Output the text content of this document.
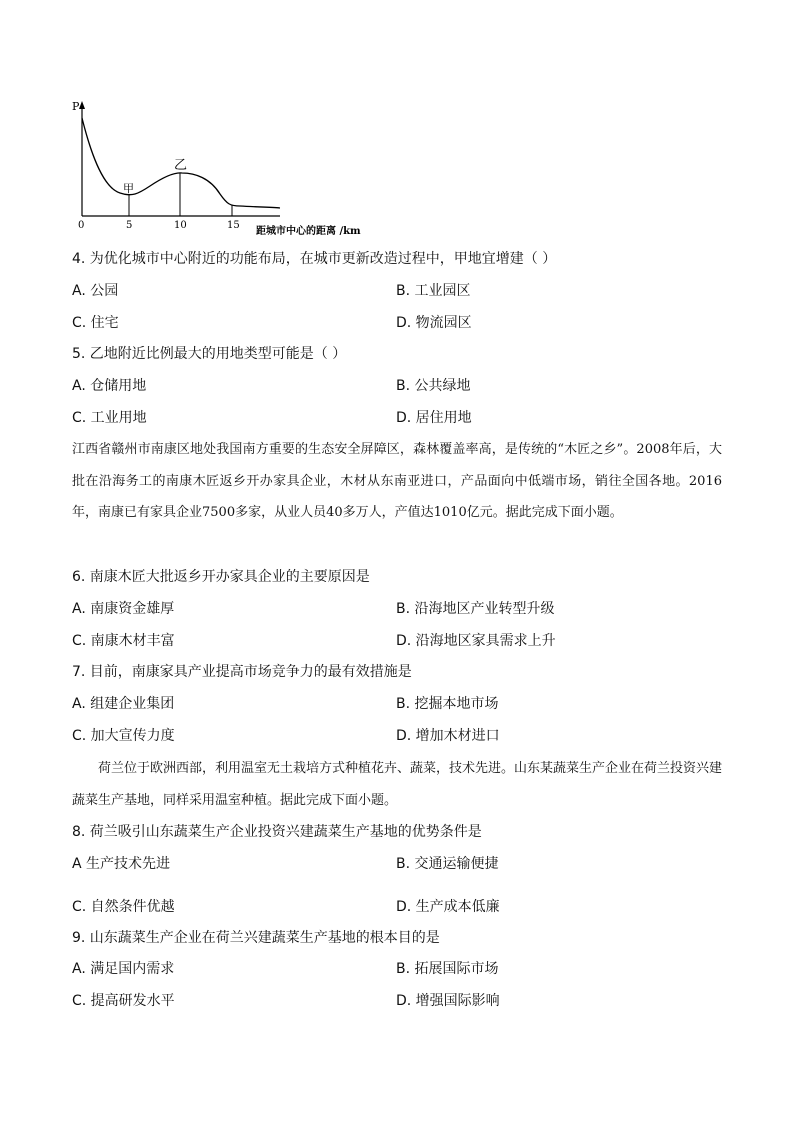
P
甲
乙
0	5	10	15
距城市中心的距离 /km
4. 为优化城市中心附近的功能布局，在城市更新改造过程中，甲地宜增建（ ）
A. 公园	B. 工业园区
C. 住宅	D. 物流园区
5. 乙地附近比例最大的用地类型可能是（ ）
A. 仓储用地	B. 公共绿地
C. 工业用地	D. 居住用地
江西省赣州市南康区地处我国南方重要的生态安全屏障区，森林覆盖率高，是传统的“木匠之乡”。2008年后，大批在沿海务工的南康木匠返乡开办家具企业，木材从东南亚进口，产品面向中低端市场，销往全国各地。2016年，南康已有家具企业7500多家，从业人员40多万人，产值达1010亿元。据此完成下面小题。
6. 南康木匠大批返乡开办家具企业的主要原因是
A. 南康资金雄厚	B. 沿海地区产业转型升级
C. 南康木材丰富	D. 沿海地区家具需求上升
7. 目前，南康家具产业提高市场竞争力的最有效措施是
A. 组建企业集团	B. 挖掘本地市场
C. 加大宣传力度	D. 增加木材进口
荷兰位于欧洲西部，利用温室无土栽培方式种植花卉、蔬菜，技术先进。山东某蔬菜生产企业在荷兰投资兴建蔬菜生产基地，同样采用温室种植。据此完成下面小题。
8. 荷兰吸引山东蔬菜生产企业投资兴建蔬菜生产基地的优势条件是
A 生产技术先进	B. 交通运输便捷
C. 自然条件优越	D. 生产成本低廉
9. 山东蔬菜生产企业在荷兰兴建蔬菜生产基地的根本目的是
A. 满足国内需求	B. 拓展国际市场
C. 提高研发水平	D. 增强国际影响
